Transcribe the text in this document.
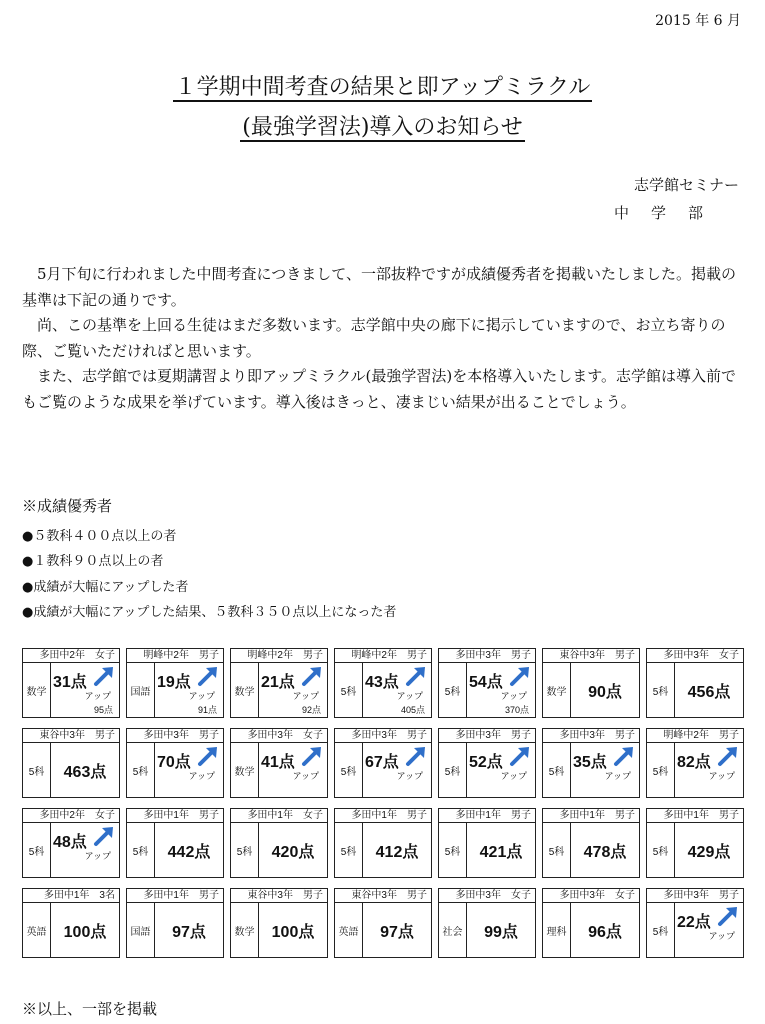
2015 年 6 月
１学期中間考査の結果と即アップミラクル
(最強学習法)導入のお知らせ
志学館セミナー
中学部

5月下旬に行われました中間考査につきまして、一部抜粋ですが成績優秀者を掲載いたしました。掲載の基準は下記の通りです。

尚、この基準を上回る生徒はまだ多数います。志学館中央の廊下に掲示していますので、お立ち寄りの際、ご覧いただければと思います。

また、志学館では夏期講習より即アップミラクル(最強学習法)を本格導入いたします。志学館は導入前でもご覧のような成果を挙げています。導入後はきっと、凄まじい結果が出ることでしょう。

※成績優秀者
●５教科４００点以上の者
●１教科９０点以上の者
●成績が大幅にアップした者
●成績が大幅にアップした結果、５教科３５０点以上になった者
多田中2年　女子
数学
31点
アップ
95点
明峰中2年　男子
国語
19点
アップ
91点
明峰中2年　男子
数学
21点
アップ
92点
明峰中2年　男子
5科
43点
アップ
405点
多田中3年　男子
5科
54点
アップ
370点
東谷中3年　男子
数学	90点
多田中3年　女子
5科	456点
東谷中3年　男子
5科	463点
多田中3年　男子
5科
70点
アップ
多田中3年　女子
数学
41点
アップ
多田中3年　男子
5科
67点
アップ
多田中3年　男子
5科
52点
アップ
多田中3年　男子
5科
35点
アップ
明峰中2年　男子
5科
82点
アップ
多田中2年　女子
5科
48点
アップ
多田中1年　男子
5科	442点
多田中1年　女子
5科	420点
多田中1年　男子
5科	412点
多田中1年　男子
5科	421点
多田中1年　男子
5科	478点
多田中1年　男子
5科	429点
多田中1年　3名
英語	100点
多田中1年　男子
国語	97点
東谷中3年　男子
数学	100点
東谷中3年　男子
英語	97点
多田中3年　女子
社会	99点
多田中3年　女子
理科	96点
多田中3年　男子
5科
22点
アップ
※以上、一部を掲載
